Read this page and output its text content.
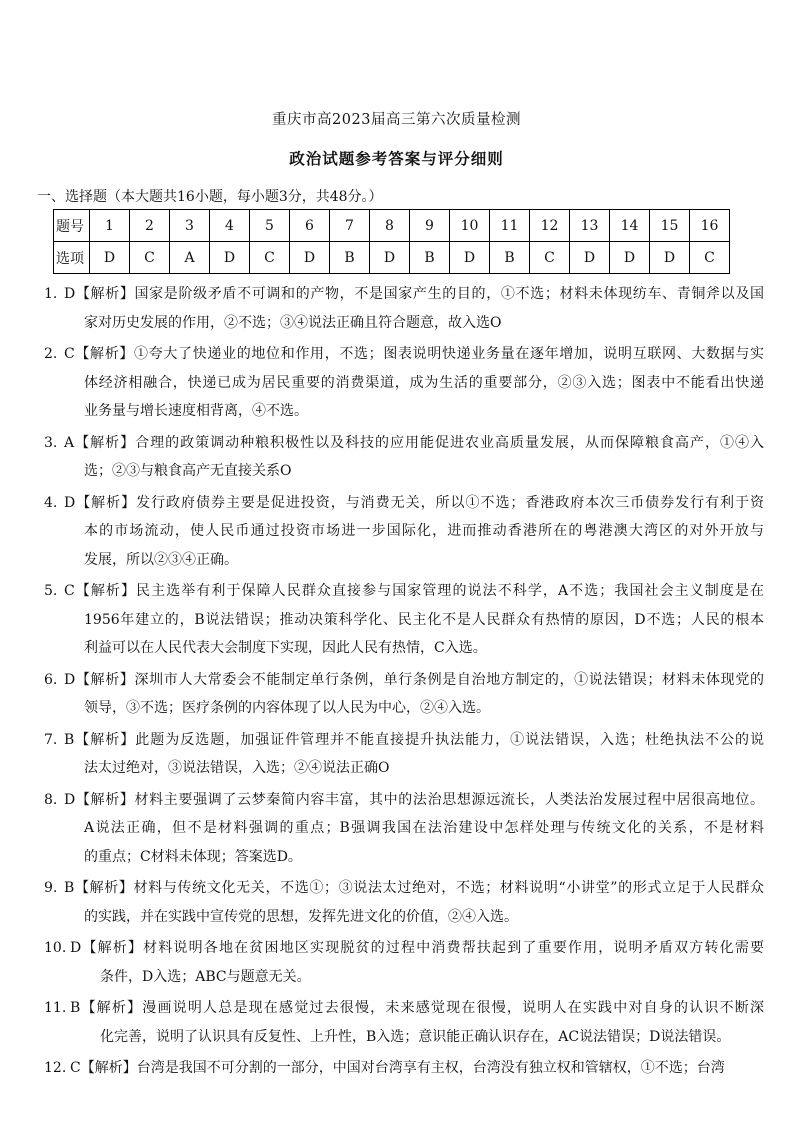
重庆市高2023届高三第六次质量检测
政治试题参考答案与评分细则
一、选择题（本大题共16小题，每小题3分，共48分。）
题号	1	2	3	4	5	6	7	8	9	10	11	12	13	14	15	16
选项	D	C	A	D	C	D	B	D	B	D	B	C	D	D	D	C
1. D【解析】国家是阶级矛盾不可调和的产物，不是国家产生的目的，①不选；材料未体现纺车、青铜斧以及国
家对历史发展的作用，②不选；③④说法正确且符合题意，故入选O
2. C【解析】①夸大了快递业的地位和作用，不选；图表说明快递业务量在逐年增加，说明互联网、大数据与实
体经济相融合，快递已成为居民重要的消费渠道，成为生活的重要部分，②③入选；图表中不能看出快递
业务量与增长速度相背离，④不选。
3. A【解析】合理的政策调动种粮积极性以及科技的应用能促进农业高质量发展，从而保障粮食高产，①④入
选；②③与粮食高产无直接关系O
4. D【解析】发行政府债券主要是促进投资，与消费无关，所以①不选；香港政府本次三币债券发行有利于资
本的市场流动，使人民币通过投资市场进一步国际化，进而推动香港所在的粤港澳大湾区的对外开放与
发展，所以②③④正确。
5. C【解析】民主选举有利于保障人民群众直接参与国家管理的说法不科学，A不选；我国社会主义制度是在
1956年建立的，B说法错误；推动决策科学化、民主化不是人民群众有热情的原因，D不选；人民的根本
利益可以在人民代表大会制度下实现，因此人民有热情，C入选。
6. D【解析】深圳市人大常委会不能制定单行条例，单行条例是自治地方制定的，①说法错误；材料未体现党的
领导，③不选；医疗条例的内容体现了以人民为中心，②④入选。
7. B【解析】此题为反选题，加强证件管理并不能直接提升执法能力，①说法错误，入选；杜绝执法不公的说
法太过绝对，③说法错误，入选；②④说法正确O
8. D【解析】材料主要强调了云梦秦简内容丰富，其中的法治思想源远流长，人类法治发展过程中居很高地位。
A说法正确，但不是材料强调的重点；B强调我国在法治建设中怎样处理与传统文化的关系，不是材料
的重点；C材料未体现；答案选D。
9. B【解析】材料与传统文化无关，不选①；③说法太过绝对，不选；材料说明“小讲堂”的形式立足于人民群众
的实践，并在实践中宣传党的思想，发挥先进文化的价值，②④入选。
10. D【解析】材料说明各地在贫困地区实现脱贫的过程中消费帮扶起到了重要作用，说明矛盾双方转化需要
条件，D入选；ABC与题意无关。
11. B【解析】漫画说明人总是现在感觉过去很慢，未来感觉现在很慢，说明人在实践中对自身的认识不断深
化完善，说明了认识具有反复性、上升性，B入选；意识能正确认识存在，AC说法错误；D说法错误。
12. C【解析】台湾是我国不可分割的一部分，中国对台湾享有主权，台湾没有独立权和管辖权，①不选；台湾
